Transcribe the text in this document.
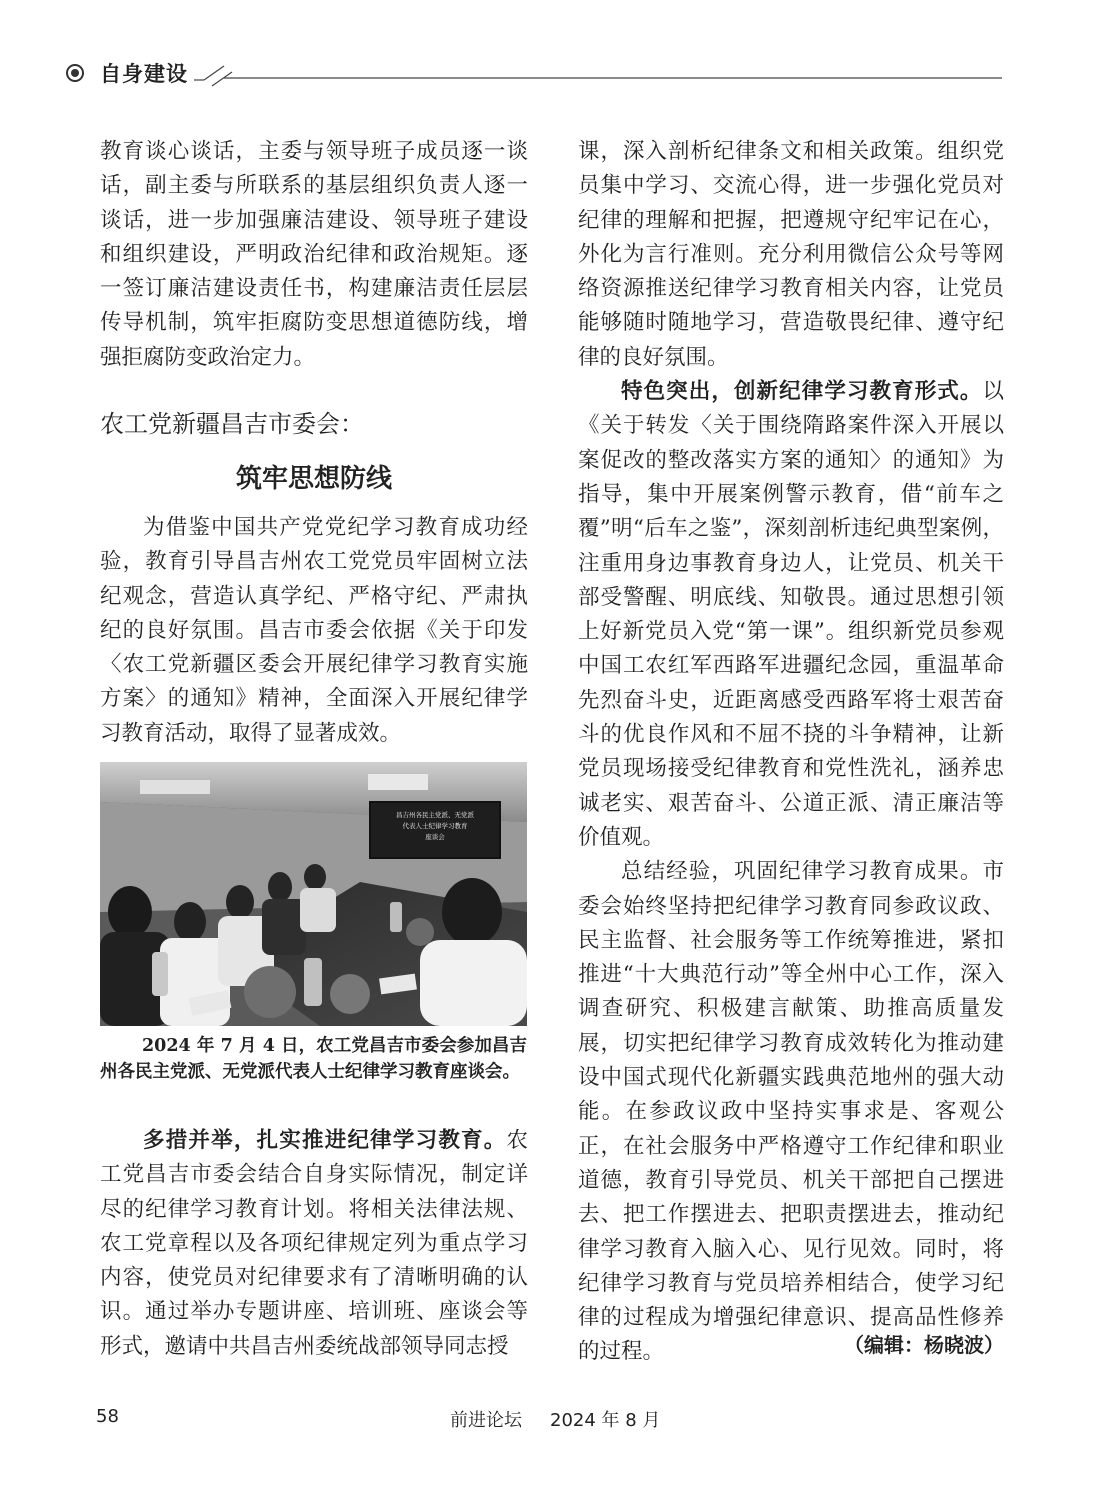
自身建设

教育谈心谈话，主委与领导班子成员逐一谈话，副主委与所联系的基层组织负责人逐一谈话，进一步加强廉洁建设、领导班子建设和组织建设，严明政治纪律和政治规矩。逐一签订廉洁建设责任书，构建廉洁责任层层传导机制，筑牢拒腐防变思想道德防线，增强拒腐防变政治定力。

农工党新疆昌吉市委会：
筑牢思想防线

为借鉴中国共产党党纪学习教育成功经验，教育引导昌吉州农工党党员牢固树立法纪观念，营造认真学纪、严格守纪、严肃执纪的良好氛围。昌吉市委会依据《关于印发〈农工党新疆区委会开展纪律学习教育实施方案〉的通知》精神，全面深入开展纪律学习教育活动，取得了显著成效。

昌吉州各民主党派、无党派
代表人士纪律学习教育
座谈会
2024 年 7 月 4 日，农工党昌吉市委会参加昌吉州各民主党派、无党派代表人士纪律学习教育座谈会。

多措并举，扎实推进纪律学习教育。农工党昌吉市委会结合自身实际情况，制定详尽的纪律学习教育计划。将相关法律法规、农工党章程以及各项纪律规定列为重点学习内容，使党员对纪律要求有了清晰明确的认识。通过举办专题讲座、培训班、座谈会等形式，邀请中共昌吉州委统战部领导同志授

课，深入剖析纪律条文和相关政策。组织党员集中学习、交流心得，进一步强化党员对纪律的理解和把握，把遵规守纪牢记在心，外化为言行准则。充分利用微信公众号等网络资源推送纪律学习教育相关内容，让党员能够随时随地学习，营造敬畏纪律、遵守纪律的良好氛围。

特色突出，创新纪律学习教育形式。以《关于转发〈关于围绕隋路案件深入开展以案促改的整改落实方案的通知〉的通知》为指导，集中开展案例警示教育，借“前车之覆”明“后车之鉴”，深刻剖析违纪典型案例，注重用身边事教育身边人，让党员、机关干部受警醒、明底线、知敬畏。通过思想引领上好新党员入党“第一课”。组织新党员参观中国工农红军西路军进疆纪念园，重温革命先烈奋斗史，近距离感受西路军将士艰苦奋斗的优良作风和不屈不挠的斗争精神，让新党员现场接受纪律教育和党性洗礼，涵养忠诚老实、艰苦奋斗、公道正派、清正廉洁等价值观。

总结经验，巩固纪律学习教育成果。市委会始终坚持把纪律学习教育同参政议政、民主监督、社会服务等工作统筹推进，紧扣推进“十大典范行动”等全州中心工作，深入调查研究、积极建言献策、助推高质量发展，切实把纪律学习教育成效转化为推动建设中国式现代化新疆实践典范地州的强大动能。在参政议政中坚持实事求是、客观公正，在社会服务中严格遵守工作纪律和职业道德，教育引导党员、机关干部把自己摆进去、把工作摆进去、把职责摆进去，推动纪律学习教育入脑入心、见行见效。同时，将纪律学习教育与党员培养相结合，使学习纪律的过程成为增强纪律意识、提高品性修养的过程。	（编辑：杨晓波）
58	前进论坛 2024 年 8 月
